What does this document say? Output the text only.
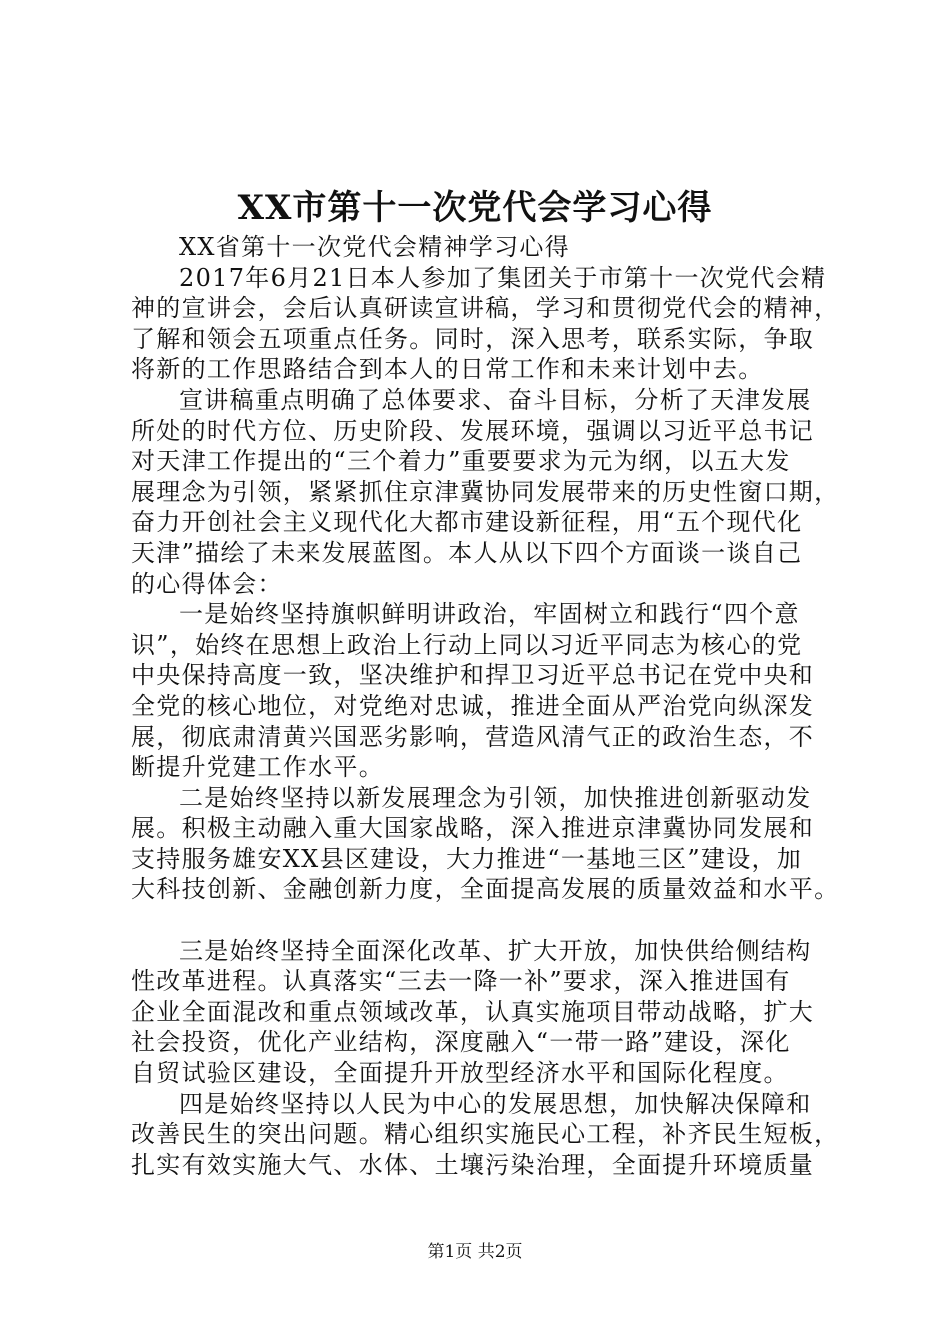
XX市第十一次党代会学习心得
XX省第十一次党代会精神学习心得
2017年6月21日本人参加了集团关于市第十一次党代会精
神的宣讲会，会后认真研读宣讲稿，学习和贯彻党代会的精神，
了解和领会五项重点任务。同时，深入思考，联系实际，争取
将新的工作思路结合到本人的日常工作和未来计划中去。
宣讲稿重点明确了总体要求、奋斗目标，分析了天津发展
所处的时代方位、历史阶段、发展环境，强调以习近平总书记
对天津工作提出的“三个着力”重要要求为元为纲，以五大发
展理念为引领，紧紧抓住京津冀协同发展带来的历史性窗口期，
奋力开创社会主义现代化大都市建设新征程，用“五个现代化
天津”描绘了未来发展蓝图。本人从以下四个方面谈一谈自己
的心得体会：
一是始终坚持旗帜鲜明讲政治，牢固树立和践行“四个意
识”，始终在思想上政治上行动上同以习近平同志为核心的党
中央保持高度一致，坚决维护和捍卫习近平总书记在党中央和
全党的核心地位，对党绝对忠诚，推进全面从严治党向纵深发
展，彻底肃清黄兴国恶劣影响，营造风清气正的政治生态，不
断提升党建工作水平。
二是始终坚持以新发展理念为引领，加快推进创新驱动发
展。积极主动融入重大国家战略，深入推进京津冀协同发展和
支持服务雄安XX县区建设，大力推进“一基地三区”建设，加
大科技创新、金融创新力度，全面提高发展的质量效益和水平。
三是始终坚持全面深化改革、扩大开放，加快供给侧结构
性改革进程。认真落实“三去一降一补”要求，深入推进国有
企业全面混改和重点领域改革，认真实施项目带动战略，扩大
社会投资，优化产业结构，深度融入“一带一路”建设，深化
自贸试验区建设，全面提升开放型经济水平和国际化程度。
四是始终坚持以人民为中心的发展思想，加快解决保障和
改善民生的突出问题。精心组织实施民心工程，补齐民生短板，
扎实有效实施大气、水体、土壤污染治理，全面提升环境质量
第1页 共2页
